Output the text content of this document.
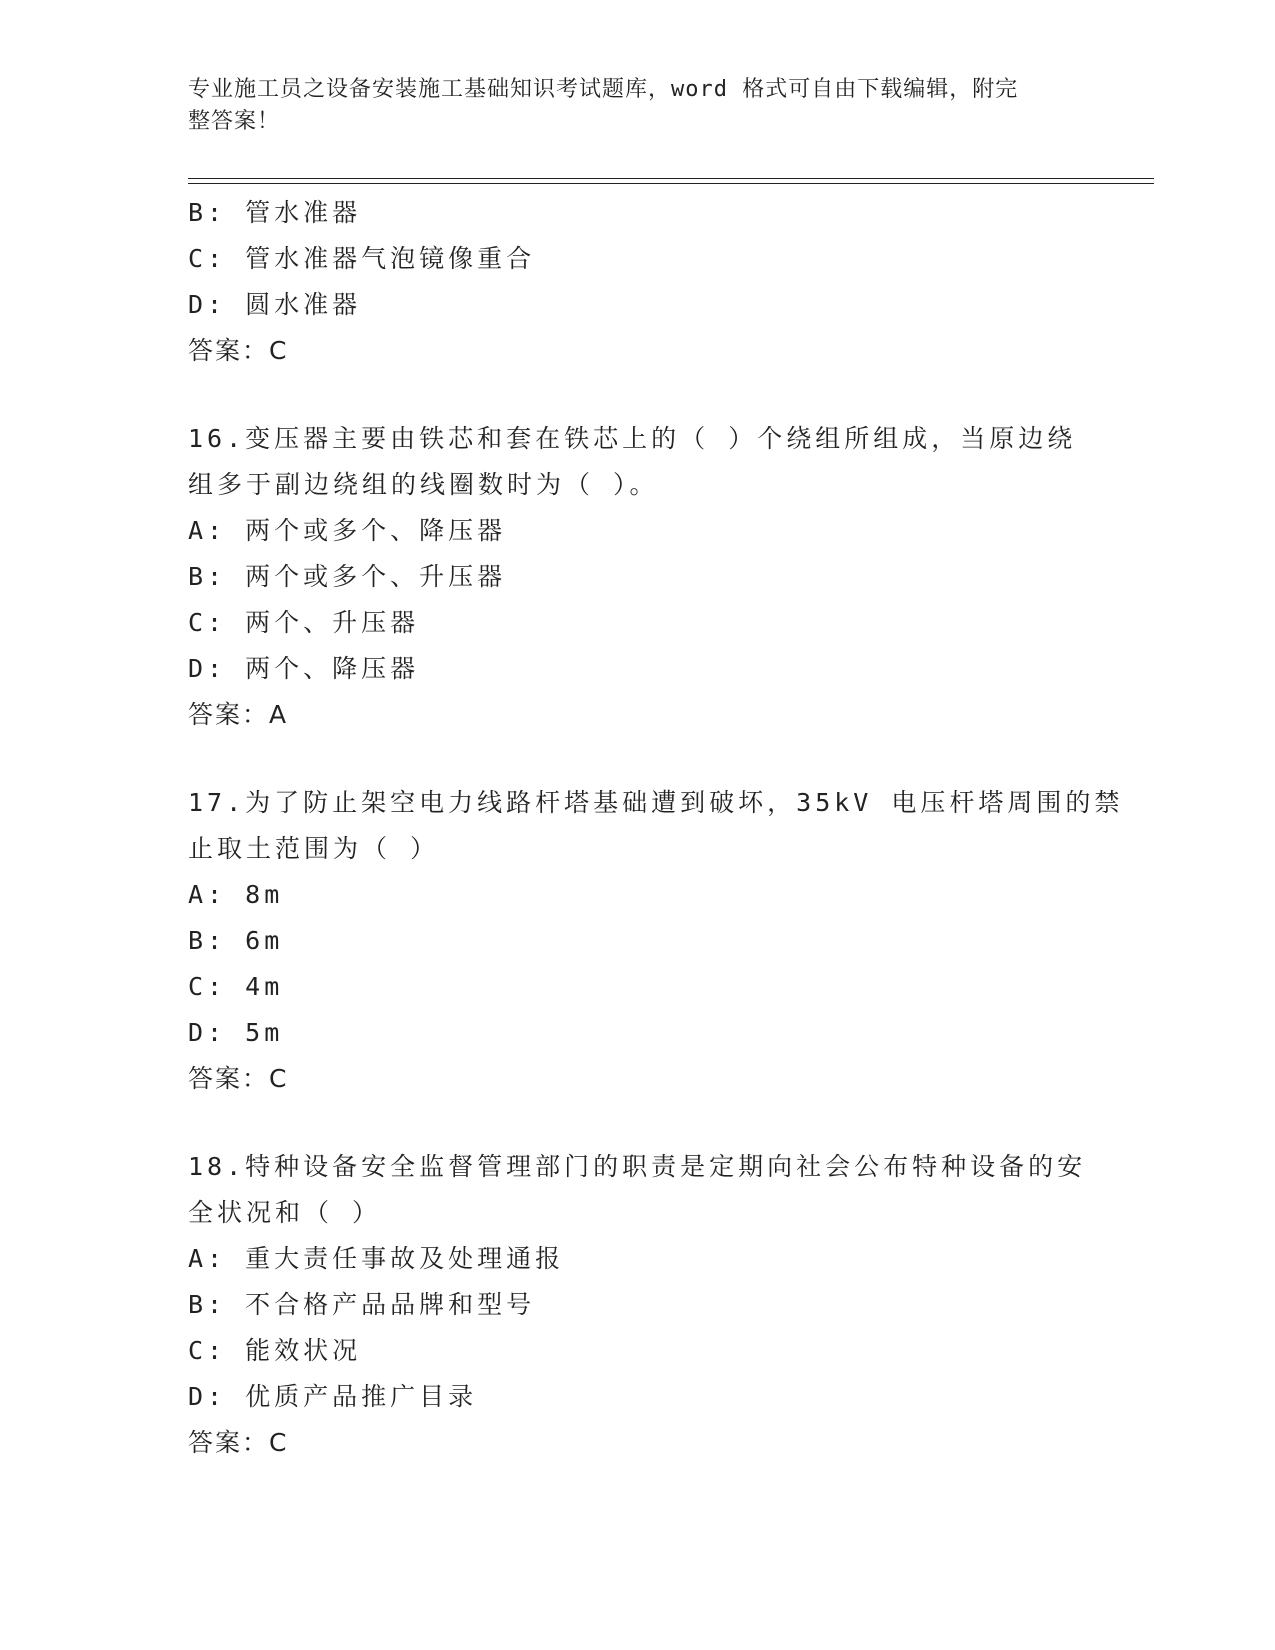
专业施工员之设备安装施工基础知识考试题库，word 格式可自由下载编辑，附完
整答案！
B: 管水准器
C: 管水准器气泡镜像重合
D: 圆水准器
答案：C
16.变压器主要由铁芯和套在铁芯上的（ ）个绕组所组成，当原边绕
组多于副边绕组的线圈数时为（ ）。
A: 两个或多个、降压器
B: 两个或多个、升压器
C: 两个、升压器
D: 两个、降压器
答案：A
17.为了防止架空电力线路杆塔基础遭到破坏，35kV 电压杆塔周围的禁
止取土范围为（ ）
A: 8m
B: 6m
C: 4m
D: 5m
答案：C
18.特种设备安全监督管理部门的职责是定期向社会公布特种设备的安
全状况和（ ）
A: 重大责任事故及处理通报
B: 不合格产品品牌和型号
C: 能效状况
D: 优质产品推广目录
答案：C
